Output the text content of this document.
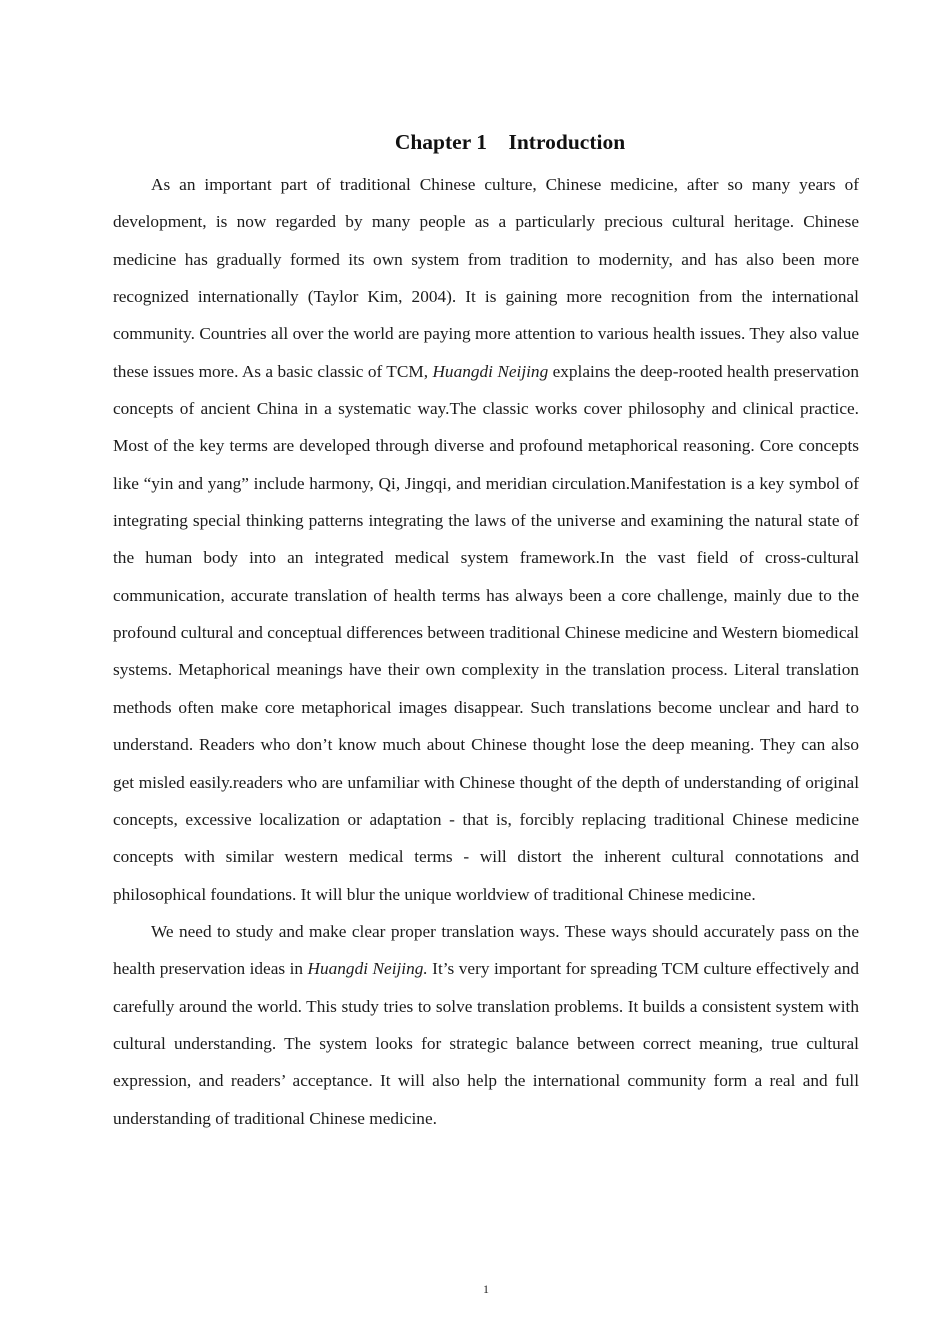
Chapter 1    Introduction

As an important part of traditional Chinese culture, Chinese medicine, after so many years of development, is now regarded by many people as a particularly precious cultural heritage. Chinese medicine has gradually formed its own system from tradition to modernity, and has also been more recognized internationally (Taylor Kim, 2004). It is gaining more recognition from the international community. Countries all over the world are paying more attention to various health issues. They also value these issues more. As a basic classic of TCM, Huangdi Neijing explains the deep-rooted health preservation concepts of ancient China in a systematic way.The classic works cover philosophy and clinical practice. Most of the key terms are developed through diverse and profound metaphorical reasoning. Core concepts like “yin and yang” include harmony, Qi, Jingqi, and meridian circulation.Manifestation is a key symbol of integrating special thinking patterns integrating the laws of the universe and examining the natural state of the human body into an integrated medical system framework.In the vast field of cross-cultural communication, accurate translation of health terms has always been a core challenge, mainly due to the profound cultural and conceptual differences between traditional Chinese medicine and Western biomedical systems. Metaphorical meanings have their own complexity in the translation process. Literal translation methods often make core metaphorical images disappear. Such translations become unclear and hard to understand. Readers who don’t know much about Chinese thought lose the deep meaning. They can also get misled easily.readers who are unfamiliar with Chinese thought of the depth of understanding of original concepts, excessive localization or adaptation - that is, forcibly replacing traditional Chinese medicine concepts with similar western medical terms - will distort the inherent cultural connotations and philosophical foundations. It will blur the unique worldview of traditional Chinese medicine.

We need to study and make clear proper translation ways. These ways should accurately pass on the health preservation ideas in Huangdi Neijing. It’s very important for spreading TCM culture effectively and carefully around the world. This study tries to solve translation problems. It builds a consistent system with cultural understanding. The system looks for strategic balance between correct meaning, true cultural expression, and readers’ acceptance. It will also help the international community form a real and full understanding of traditional Chinese medicine.

1
